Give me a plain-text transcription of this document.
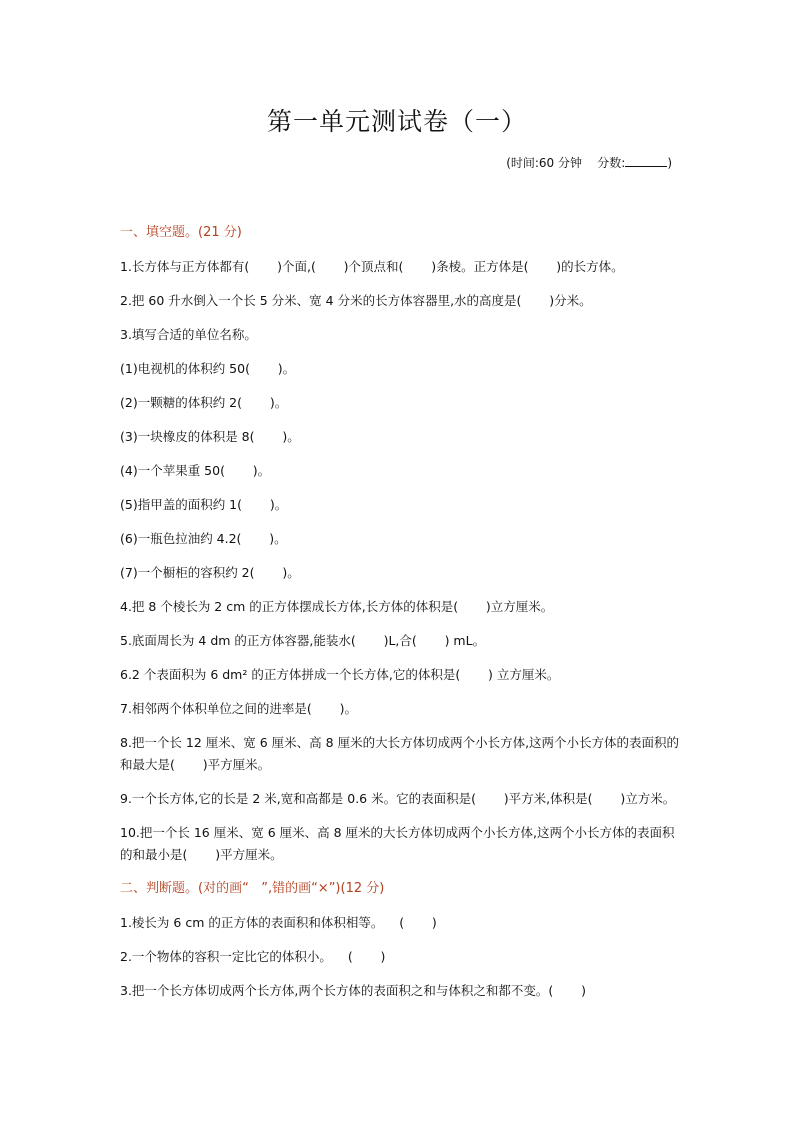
第一单元测试卷（一）
(时间:60 分钟    分数:	)
一、填空题。(21 分)
1.长方体与正方体都有(       )个面,(       )个顶点和(       )条棱。正方体是(       )的长方体。
2.把 60 升水倒入一个长 5 分米、宽 4 分米的长方体容器里,水的高度是(       )分米。
3.填写合适的单位名称。
(1)电视机的体积约 50(       )。
(2)一颗糖的体积约 2(       )。
(3)一块橡皮的体积是 8(       )。
(4)一个苹果重 50(       )。
(5)指甲盖的面积约 1(       )。
(6)一瓶色拉油约 4.2(       )。
(7)一个橱柜的容积约 2(       )。
4.把 8 个棱长为 2 cm 的正方体摆成长方体,长方体的体积是(       )立方厘米。
5.底面周长为 4 dm 的正方体容器,能装水(       )L,合(       ) mL。
6.2 个表面积为 6 dm² 的正方体拼成一个长方体,它的体积是(       ) 立方厘米。
7.相邻两个体积单位之间的进率是(       )。
8.把一个长 12 厘米、宽 6 厘米、高 8 厘米的大长方体切成两个小长方体,这两个小长方体的表面积的和最大是(       )平方厘米。
9.一个长方体,它的长是 2 米,宽和高都是 0.6 米。它的表面积是(       )平方米,体积是(       )立方米。
10.把一个长 16 厘米、宽 6 厘米、高 8 厘米的大长方体切成两个小长方体,这两个小长方体的表面积的和最小是(       )平方厘米。
二、判断题。(对的画“   ”,错的画“×”)(12 分)
1.棱长为 6 cm 的正方体的表面积和体积相等。    (       )
2.一个物体的容积一定比它的体积小。    (       )
3.把一个长方体切成两个长方体,两个长方体的表面积之和与体积之和都不变。(       )
